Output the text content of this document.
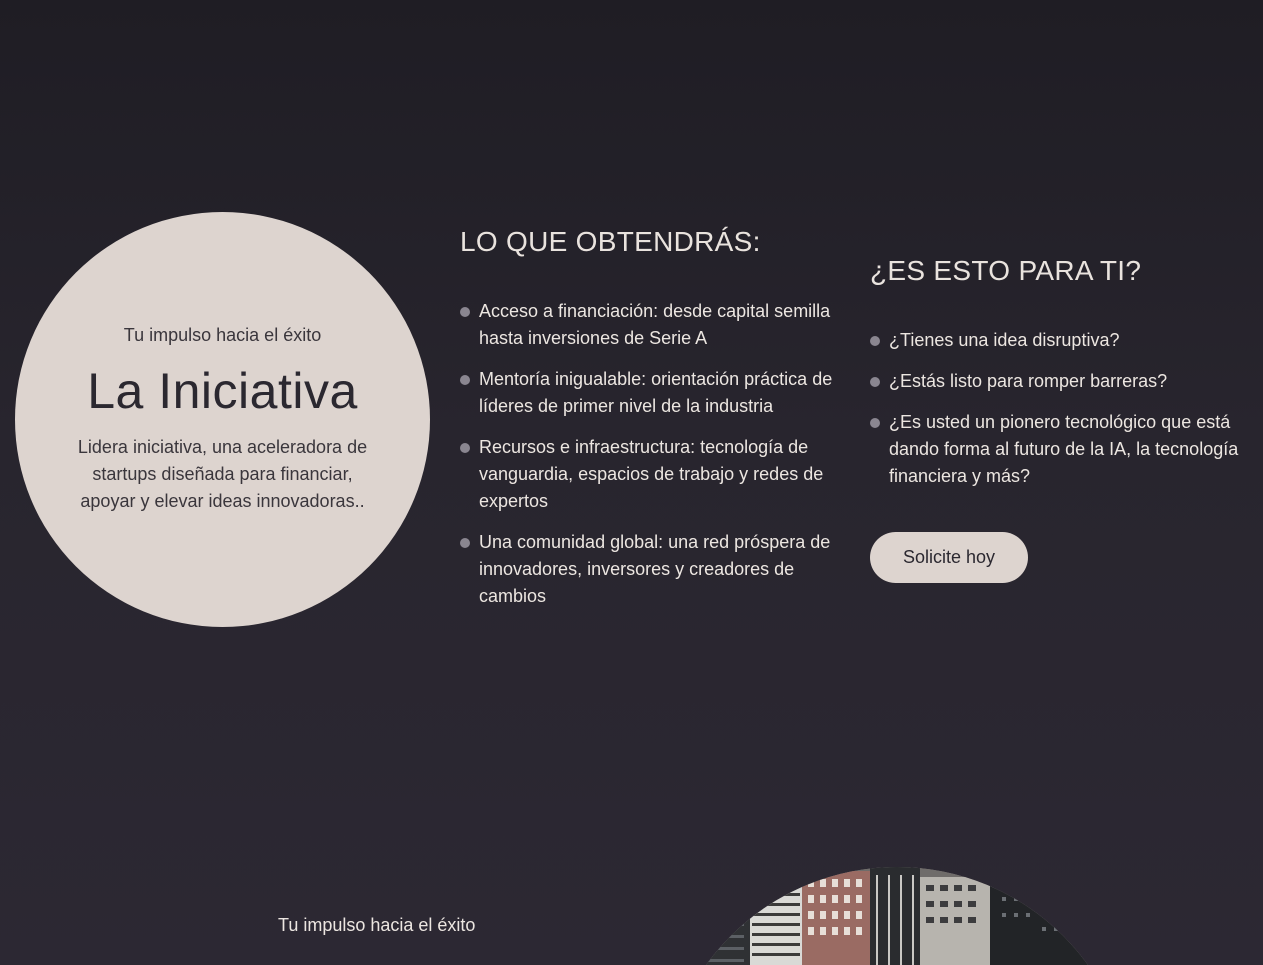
Tu impulso hacia el éxito
La Iniciativa
Lidera iniciativa, una aceleradora de startups diseñada para financiar, apoyar y elevar ideas innovadoras..
LO QUE OBTENDRÁS:
Acceso a financiación: desde capital semilla hasta inversiones de Serie A
Mentoría inigualable: orientación práctica de líderes de primer nivel de la industria
Recursos e infraestructura: tecnología de vanguardia, espacios de trabajo y redes de expertos
Una comunidad global: una red próspera de innovadores, inversores y creadores de cambios
¿ES ESTO PARA TI?
¿Tienes una idea disruptiva?
¿Estás listo para romper barreras?
¿Es usted un pionero tecnológico que está dando forma al futuro de la IA, la tecnología financiera y más?
Solicite hoy
Tu impulso hacia el éxito
